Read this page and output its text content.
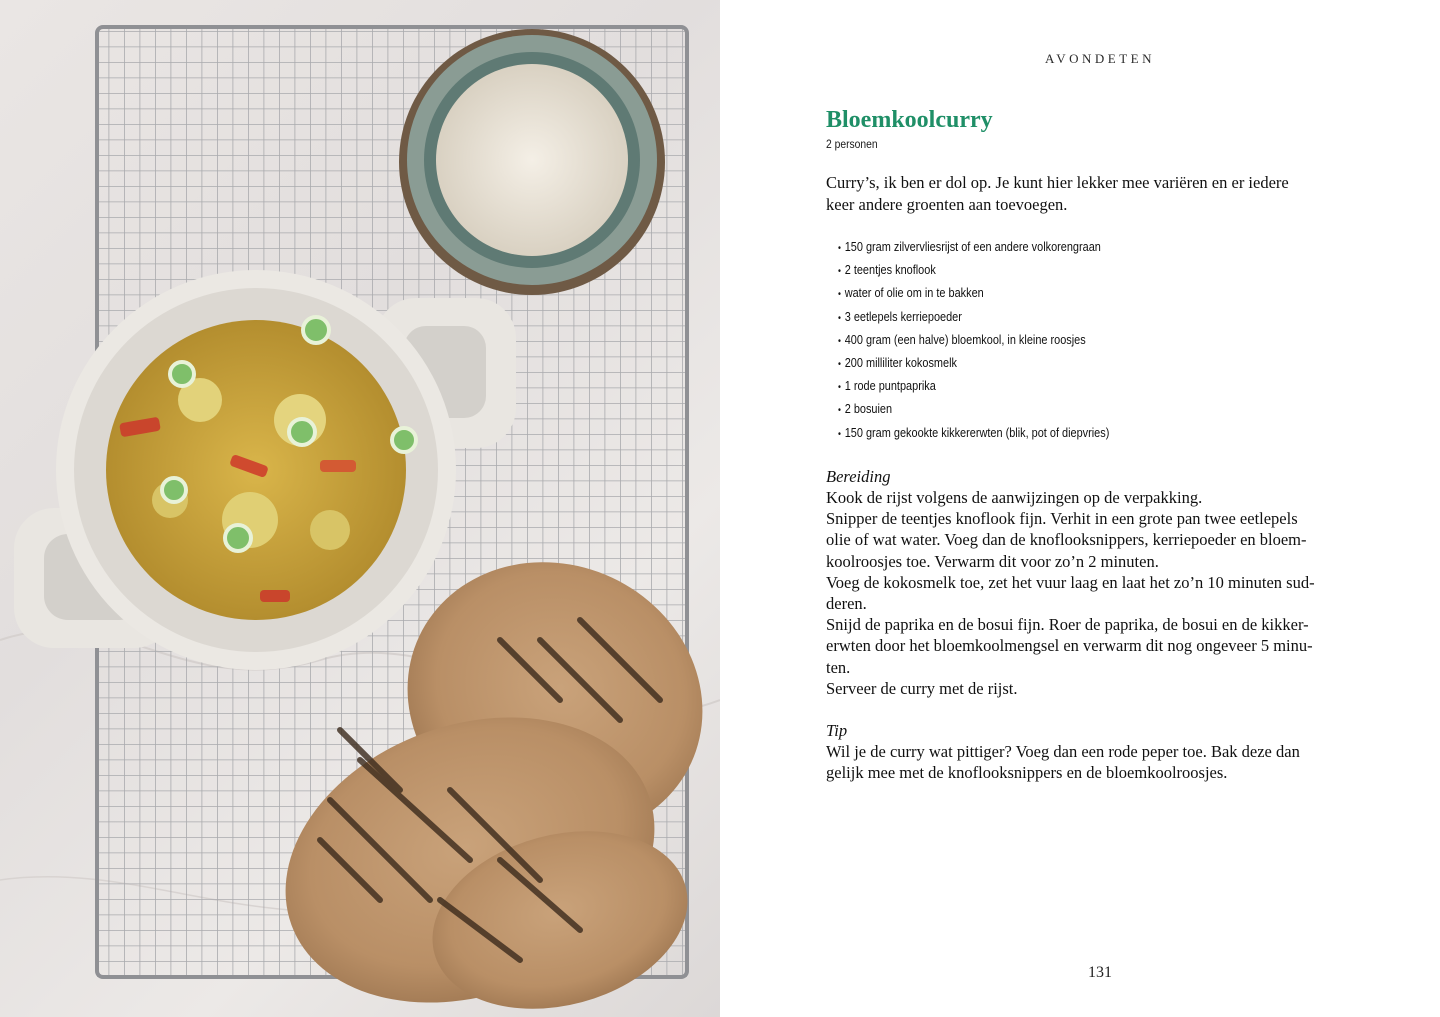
AVONDETEN
Bloemkoolcurry
2 personen
Curry’s, ik ben er dol op. Je kunt hier lekker mee variëren en er iedere
keer andere groenten aan toevoegen.
• 150 gram zilvervliesrijst of een andere volkorengraan
• 2 teentjes knoflook
• water of olie om in te bakken
• 3 eetlepels kerriepoeder
• 400 gram (een halve) bloemkool, in kleine roosjes
• 200 milliliter kokosmelk
• 1 rode puntpaprika
• 2 bosuien
• 150 gram gekookte kikkererwten (blik, pot of diepvries)
Bereiding

Kook de rijst volgens de aanwijzingen op de verpakking.

Snipper de teentjes knoflook fijn. Verhit in een grote pan twee eetlepels

olie of wat water. Voeg dan de knoflooksnippers, kerriepoeder en bloem-

koolroosjes toe. Verwarm dit voor zo’n 2 minuten.

Voeg de kokosmelk toe, zet het vuur laag en laat het zo’n 10 minuten sud-

deren.

Snijd de paprika en de bosui fijn. Roer de paprika, de bosui en de kikker-

erwten door het bloemkoolmengsel en verwarm dit nog ongeveer 5 minu-

ten.

Serveer de curry met de rijst.

Tip

Wil je de curry wat pittiger? Voeg dan een rode peper toe. Bak deze dan

gelijk mee met de knoflooksnippers en de bloemkoolroosjes.

131
